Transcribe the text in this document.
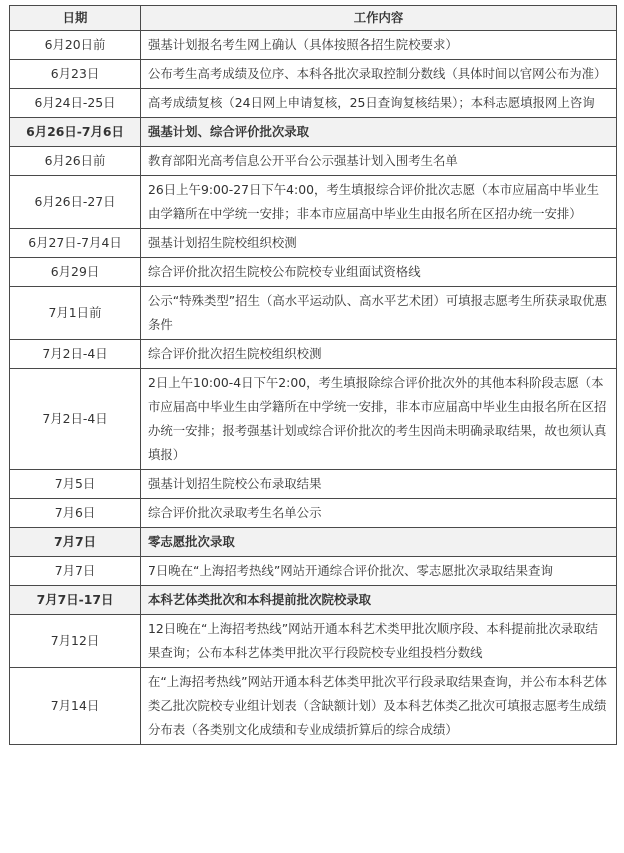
日期	工作内容
6月20日前	强基计划报名考生网上确认（具体按照各招生院校要求）
6月23日	公布考生高考成绩及位序、本科各批次录取控制分数线（具体时间以官网公布为准）
6月24日-25日	高考成绩复核（24日网上申请复核，25日查询复核结果）；本科志愿填报网上咨询
6月26日-7月6日	强基计划、综合评价批次录取
6月26日前	教育部阳光高考信息公开平台公示强基计划入围考生名单
6月26日-27日	26日上午9:00-27日下午4:00，考生填报综合评价批次志愿（本市应届高中毕业生由学籍所在中学统一安排；非本市应届高中毕业生由报名所在区招办统一安排）
6月27日-7月4日	强基计划招生院校组织校测
6月29日	综合评价批次招生院校公布院校专业组面试资格线
7月1日前	公示“特殊类型”招生（高水平运动队、高水平艺术团）可填报志愿考生所获录取优惠条件
7月2日-4日	综合评价批次招生院校组织校测
7月2日-4日	2日上午10:00-4日下午2:00，考生填报除综合评价批次外的其他本科阶段志愿（本市应届高中毕业生由学籍所在中学统一安排，非本市应届高中毕业生由报名所在区招办统一安排；报考强基计划或综合评价批次的考生因尚未明确录取结果，故也须认真填报）
7月5日	强基计划招生院校公布录取结果
7月6日	综合评价批次录取考生名单公示
7月7日	零志愿批次录取
7月7日	7日晚在“上海招考热线”网站开通综合评价批次、零志愿批次录取结果查询
7月7日-17日	本科艺体类批次和本科提前批次院校录取
7月12日	12日晚在“上海招考热线”网站开通本科艺术类甲批次顺序段、本科提前批次录取结果查询；公布本科艺体类甲批次平行段院校专业组投档分数线
7月14日	在“上海招考热线”网站开通本科艺体类甲批次平行段录取结果查询，并公布本科艺体类乙批次院校专业组计划表（含缺额计划）及本科艺体类乙批次可填报志愿考生成绩分布表（各类别文化成绩和专业成绩折算后的综合成绩）
